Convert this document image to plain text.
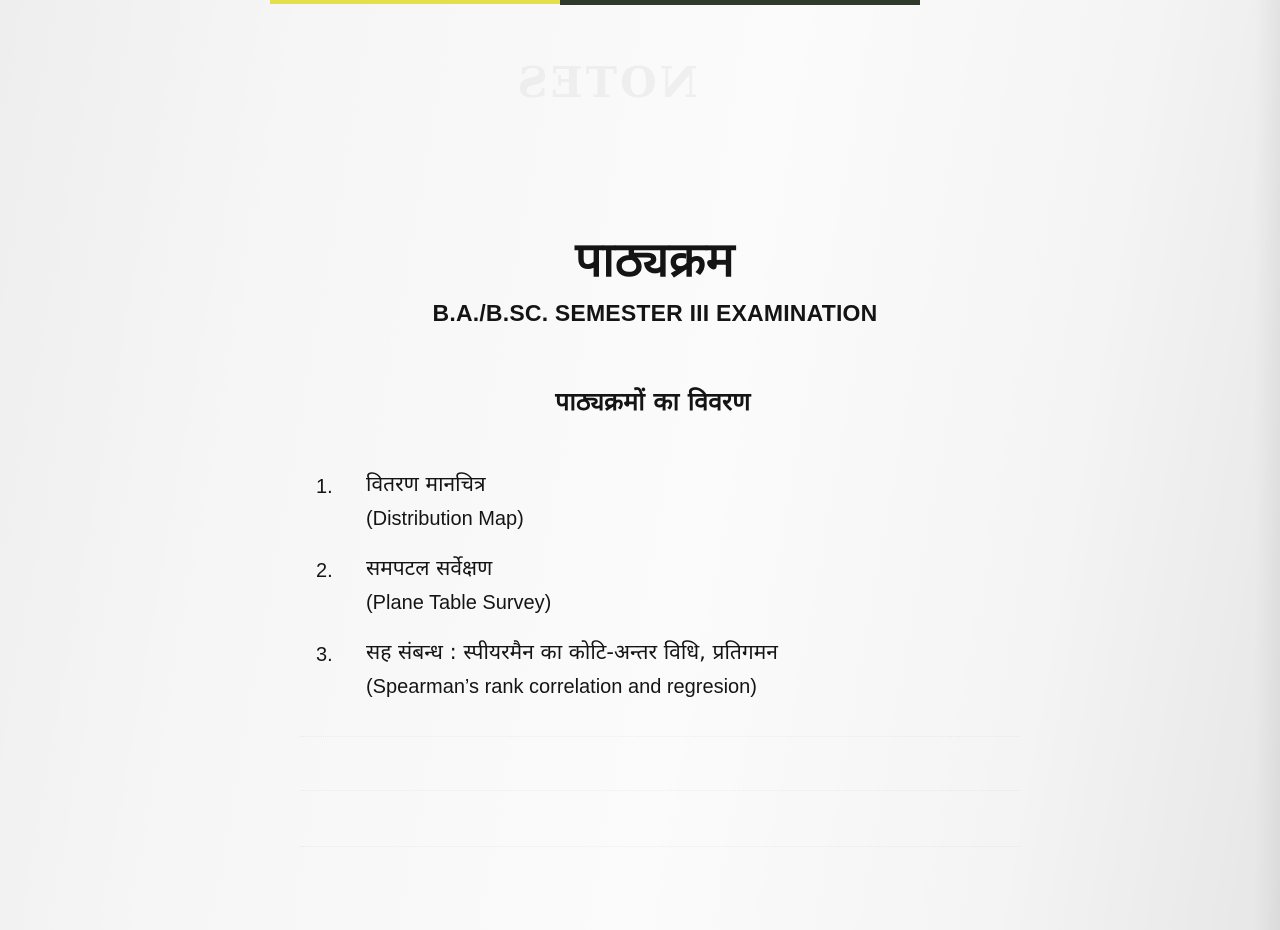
NOTES
पाठ्यक्रम
B.A./B.SC. SEMESTER III EXAMINATION
पाठ्यक्रमों का विवरण
1. वितरण मानचित्र
(Distribution Map)
2. समपटल सर्वेक्षण
(Plane Table Survey)
3. सह संबन्ध : स्पीयरमैन का कोटि-अन्तर विधि, प्रतिगमन
(Spearman’s rank correlation and regresion)
